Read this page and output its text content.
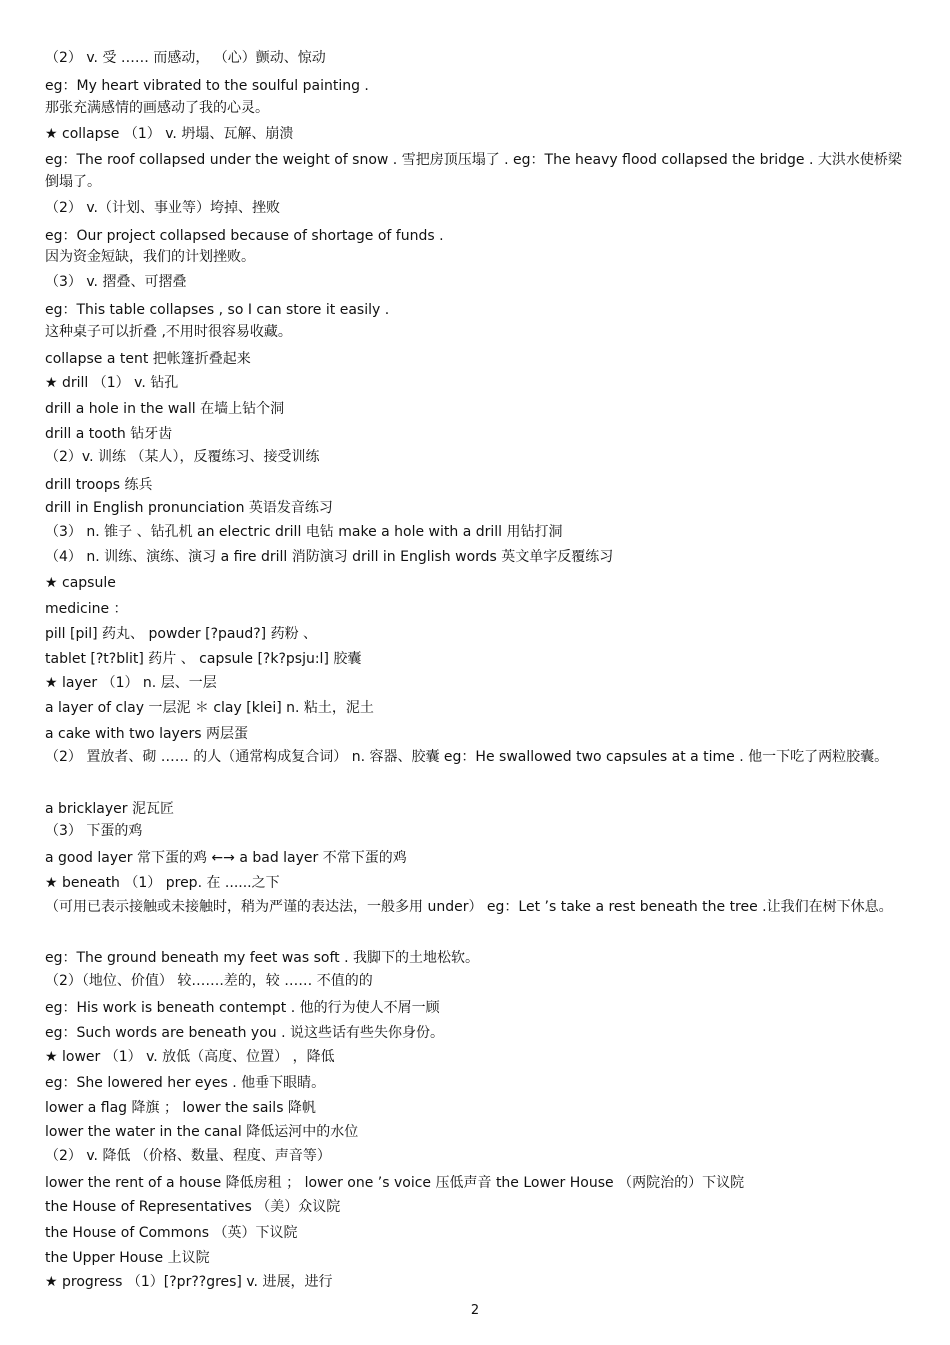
（2） v. 受 …… 而感动， （心）颤动、惊动
eg：My heart vibrated to the soulful painting .
那张充满感情的画感动了我的心灵。
★ collapse （1） v. 坍塌、瓦解、崩溃
eg：The roof collapsed under the weight of snow . 雪把房顶压塌了 . eg：The heavy flood collapsed the bridge . 大洪水使桥梁倒塌了。
（2） v.（计划、事业等）垮掉、挫败
eg：Our project collapsed because of shortage of funds .
因为资金短缺，我们的计划挫败。
（3） v. 摺叠、可摺叠
eg：This table collapses , so I can store it easily .
这种桌子可以折叠 ,不用时很容易收藏。
collapse a tent 把帐篷折叠起来
★ drill （1） v. 钻孔
drill a hole in the wall 在墙上钻个洞
drill a tooth 钻牙齿
（2）v. 训练 （某人），反覆练习、接受训练
drill troops 练兵
drill in English pronunciation 英语发音练习
（3） n. 锥子 、钻孔机 an electric drill 电钻 make a hole with a drill 用钻打洞
（4） n. 训练、演练、演习 a fire drill 消防演习 drill in English words 英文单字反覆练习
★ capsule
medicine ：
pill [pil] 药丸、 powder [?paud?] 药粉 、
tablet [?t?blit] 药片 、 capsule [?k?psju:l] 胶囊
★ layer （1） n. 层、一层
a layer of clay 一层泥 ＊ clay [klei] n. 粘土，泥土
a cake with two layers 两层蛋
（2） 置放者、砌 …… 的人（通常构成复合词） n. 容器、胶囊 eg：He swallowed two capsules at a time . 他一下吃了两粒胶囊。
a bricklayer 泥瓦匠
（3） 下蛋的鸡
a good layer 常下蛋的鸡 ←→ a bad layer 不常下蛋的鸡
★ beneath （1） prep. 在 ......之下
（可用已表示接触或未接触时，稍为严谨的表达法，一般多用 under） eg：Let ’s take a rest beneath the tree .让我们在树下休息。
eg：The ground beneath my feet was soft . 我脚下的土地松软。
（2）（地位、价值） 较…….差的，较 …… 不值的的
eg：His work is beneath contempt . 他的行为使人不屑一顾
eg：Such words are beneath you . 说这些话有些失你身份。
★ lower （1） v. 放低（高度、位置） ，降低
eg：She lowered her eyes . 他垂下眼睛。
lower a flag 降旗 ； lower the sails 降帆
lower the water in the canal 降低运河中的水位
（2） v. 降低 （价格、数量、程度、声音等）
lower the rent of a house 降低房租 ； lower one ’s voice 压低声音 the Lower House （两院治的）下议院
the House of Representatives （美）众议院
the House of Commons （英）下议院
the Upper House 上议院
★ progress （1）[?pr??gres] v. 进展，进行
2
